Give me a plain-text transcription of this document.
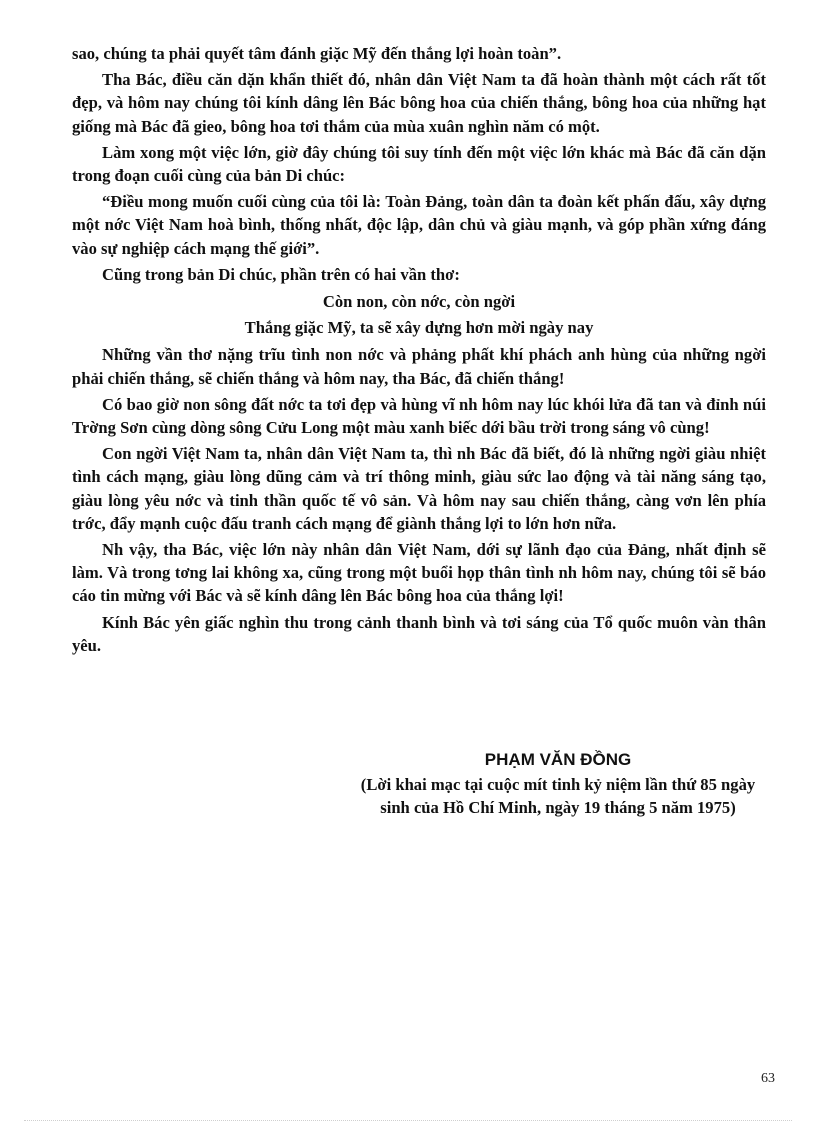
sao, chúng ta phải quyết tâm đánh giặc Mỹ đến thắng lợi hoàn toàn”.

Tha Bác, điều căn dặn khẩn thiết đó, nhân dân Việt Nam ta đã hoàn thành một cách rất tốt đẹp, và hôm nay chúng tôi kính dâng lên Bác bông hoa của chiến thắng, bông hoa của những hạt giống mà Bác đã gieo, bông hoa tơi thắm của mùa xuân nghìn năm có một.

Làm xong một việc lớn, giờ đây chúng tôi suy tính đến một việc lớn khác mà Bác đã căn dặn trong đoạn cuối cùng của bản Di chúc:

“Điều mong muốn cuối cùng của tôi là: Toàn Đảng, toàn dân ta đoàn kết phấn đấu, xây dựng một nớc Việt Nam hoà bình, thống nhất, độc lập, dân chủ và giàu mạnh, và góp phần xứng đáng vào sự nghiệp cách mạng thế giới”.

Cũng trong bản Di chúc, phần trên có hai vần thơ:

Còn non, còn nớc, còn ngời

Thắng giặc Mỹ, ta sẽ xây dựng hơn mời ngày nay

Những vần thơ nặng trĩu tình non nớc và phảng phất khí phách anh hùng của những ngời phải chiến thắng, sẽ chiến thắng và hôm nay, tha Bác, đã chiến thắng!

Có bao giờ non sông đất nớc ta tơi đẹp và hùng vĩ nh hôm nay lúc khói lửa đã tan và đỉnh núi Trờng Sơn cùng dòng sông Cửu Long một màu xanh biếc dới bầu trời trong sáng vô cùng!

Con ngời Việt Nam ta, nhân dân Việt Nam ta, thì nh Bác đã biết, đó là những ngời giàu nhiệt tình cách mạng, giàu lòng dũng cảm và trí thông minh, giàu sức lao động và tài năng sáng tạo, giàu lòng yêu nớc và tinh thần quốc tế vô sản. Và hôm nay sau chiến thắng, càng vơn lên phía trớc, đẩy mạnh cuộc đấu tranh cách mạng để giành thắng lợi to lớn hơn nữa.

Nh vậy, tha Bác, việc lớn này nhân dân Việt Nam, dới sự lãnh đạo của Đảng, nhất định sẽ làm. Và trong tơng lai không xa, cũng trong một buổi họp thân tình nh hôm nay, chúng tôi sẽ báo cáo tin mừng với Bác và sẽ kính dâng lên Bác bông hoa của thắng lợi!

Kính Bác yên giấc nghìn thu trong cảnh thanh bình và tơi sáng của Tổ quốc muôn vàn thân yêu.

PHẠM VĂN ĐỒNG

(Lời khai mạc tại cuộc mít tinh kỷ niệm lần thứ 85 ngày sinh của Hồ Chí Minh, ngày 19 tháng 5 năm 1975)

63
